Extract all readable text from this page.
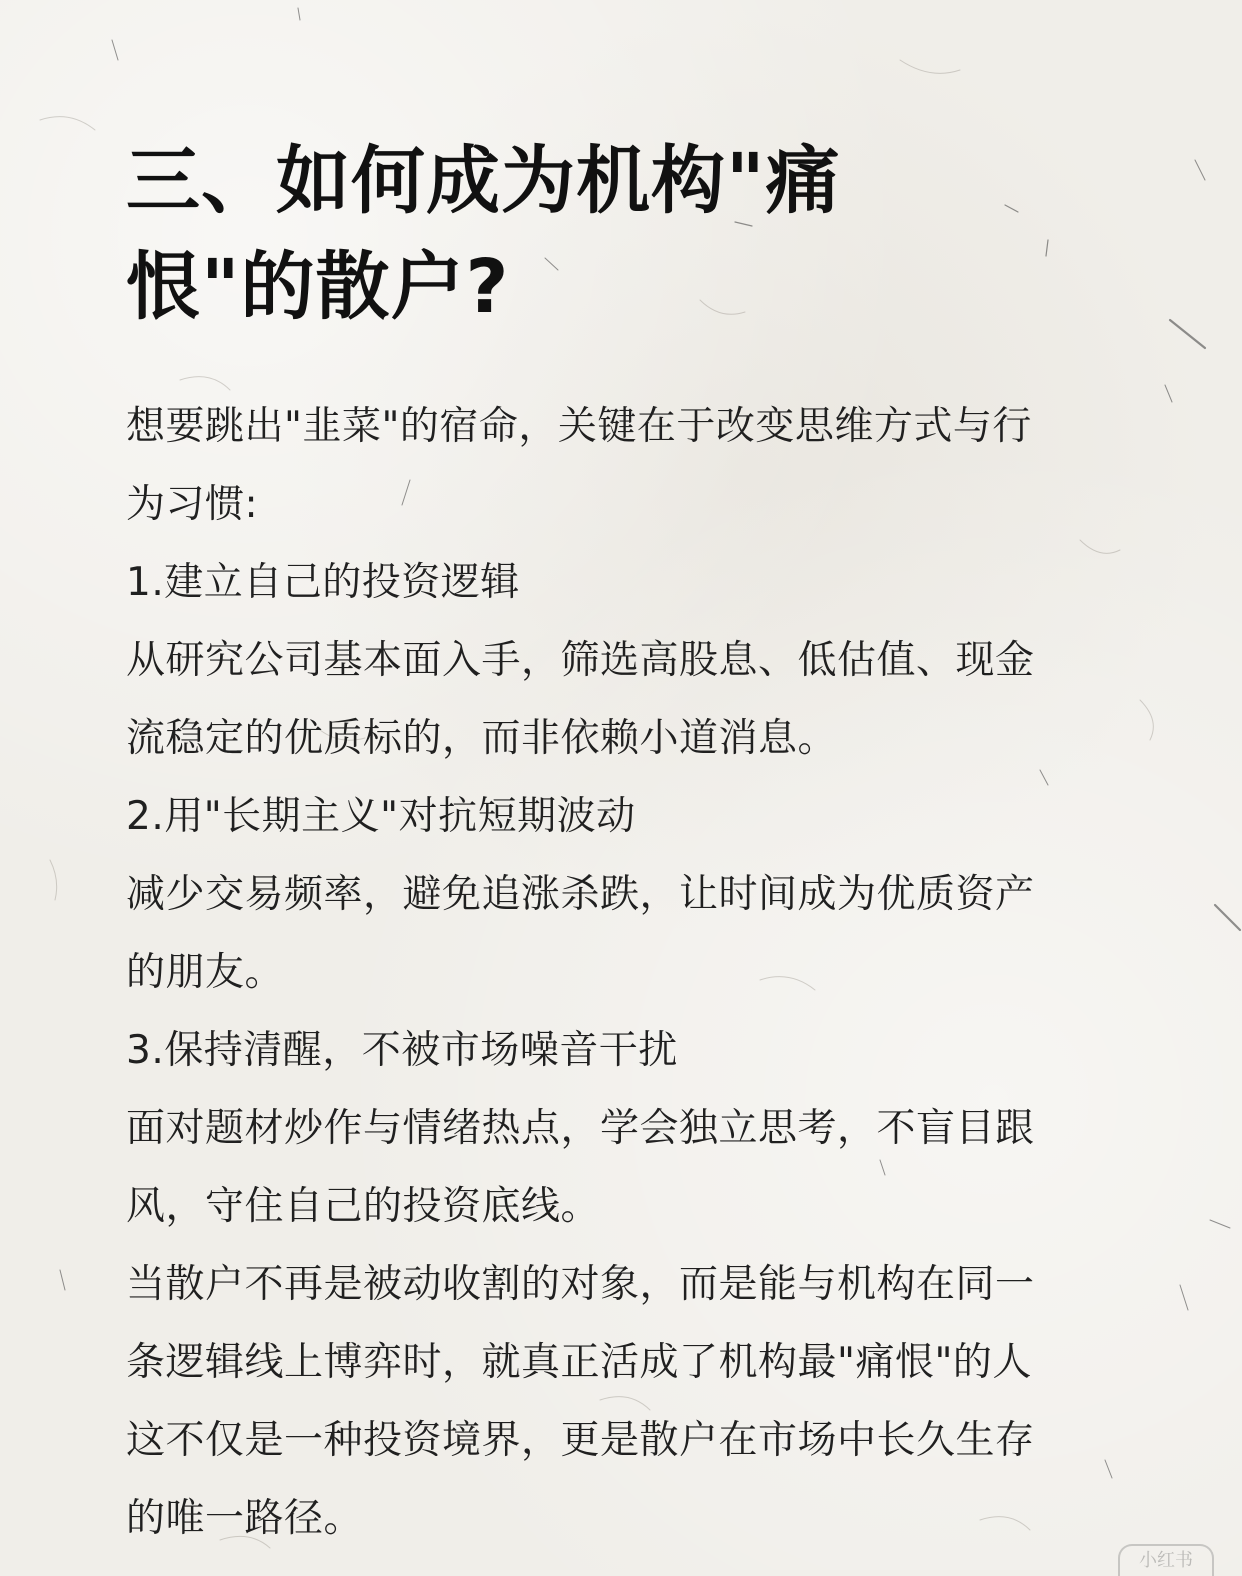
三、如何成为机构"痛恨"的散户?
想要跳出"韭菜"的宿命，关键在于改变思维方式与行
为习惯:
1.建立自己的投资逻辑
从研究公司基本面入手，筛选高股息、低估值、现金
流稳定的优质标的，而非依赖小道消息。
2.用"长期主义"对抗短期波动
减少交易频率，避免追涨杀跌，让时间成为优质资产
的朋友。
3.保持清醒，不被市场噪音干扰
面对题材炒作与情绪热点，学会独立思考，不盲目跟
风，守住自己的投资底线。
当散户不再是被动收割的对象，而是能与机构在同一
条逻辑线上博弈时，就真正活成了机构最"痛恨"的人
这不仅是一种投资境界，更是散户在市场中长久生存
的唯一路径。
小红书
